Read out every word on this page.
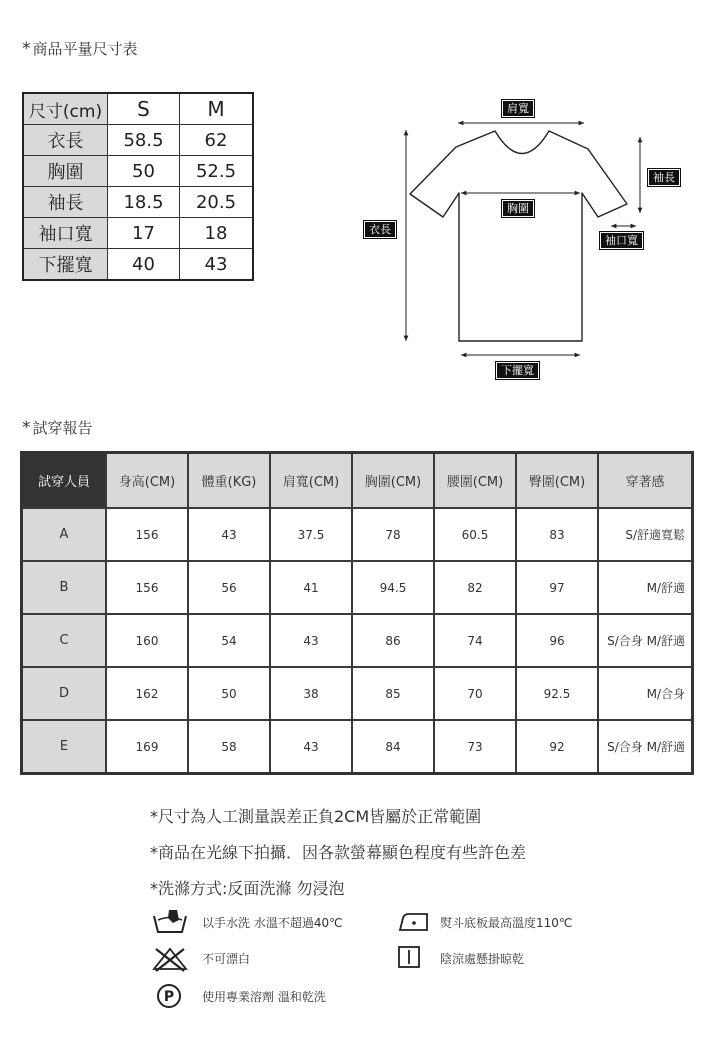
* 商品平量尺寸表
尺寸(cm)	S	M
衣長	58.5	62
胸圍	50	52.5
袖長	18.5	20.5
袖口寬	17	18
下擺寬	40	43
肩寬
胸圍
衣長
袖長
袖口寬
下擺寬
* 試穿報告
試穿人員	身高(CM)	體重(KG)	肩寬(CM)	胸圍(CM)	腰圍(CM)	臀圍(CM)	穿著感
A	156	43	37.5	78	60.5	83	S/舒適寬鬆
B	156	56	41	94.5	82	97	M/舒適
C	160	54	43	86	74	96	S/合身 M/舒適
D	162	50	38	85	70	92.5	M/合身
E	169	58	43	84	73	92	S/合身 M/舒適
*尺寸為人工測量誤差正負2CM皆屬於正常範圍
*商品在光線下拍攝．因各款螢幕顯色程度有些許色差
*洗滌方式:反面洗滌 勿浸泡
以手水洗 水溫不超過40℃	熨斗底板最高溫度110℃
不可漂白	陰涼處懸掛晾乾
P 使用專業溶劑 溫和乾洗
